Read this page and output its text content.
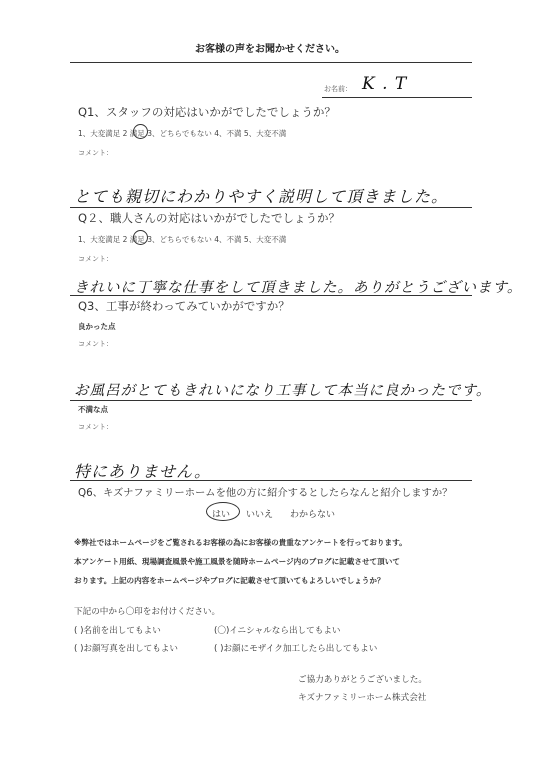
お客様の声をお聞かせください。
お名前： K . T
Q1、スタッフの対応はいかがでしたでしょうか？
1、大変満足 2 満足 3、どちらでもない 4、不満 5、大変不満
コメント：
とても親切にわかりやすく説明して頂きました。
Q２、職人さんの対応はいかがでしたでしょうか？
1、大変満足 2 満足 3、どちらでもない 4、不満 5、大変不満
コメント：
きれいに丁寧な仕事をして頂きました。ありがとうございます。
Q3、工事が終わってみていかがですか？
良かった点
コメント：
お風呂がとてもきれいになり工事して本当に良かったです。
不満な点
コメント：
特にありません。
Q6、キズナファミリーホームを他の方に紹介するとしたらなんと紹介しますか？
はい いいえ わからない
※弊社ではホームページをご覧されるお客様の為にお客様の貴重なアンケートを行っております。
本アンケート用紙、現場調査風景や施工風景を随時ホームページ内のブログに記載させて頂いて
おります。上記の内容をホームページやブログに記載させて頂いてもよろしいでしょうか？
下記の中から〇印をお付けください。
( )名前を出してもよい	(〇)イニシャルなら出してもよい
( )お顔写真を出してもよい	( )お顔にモザイク加工したら出してもよい
ご協力ありがとうございました。
キズナファミリーホーム株式会社
